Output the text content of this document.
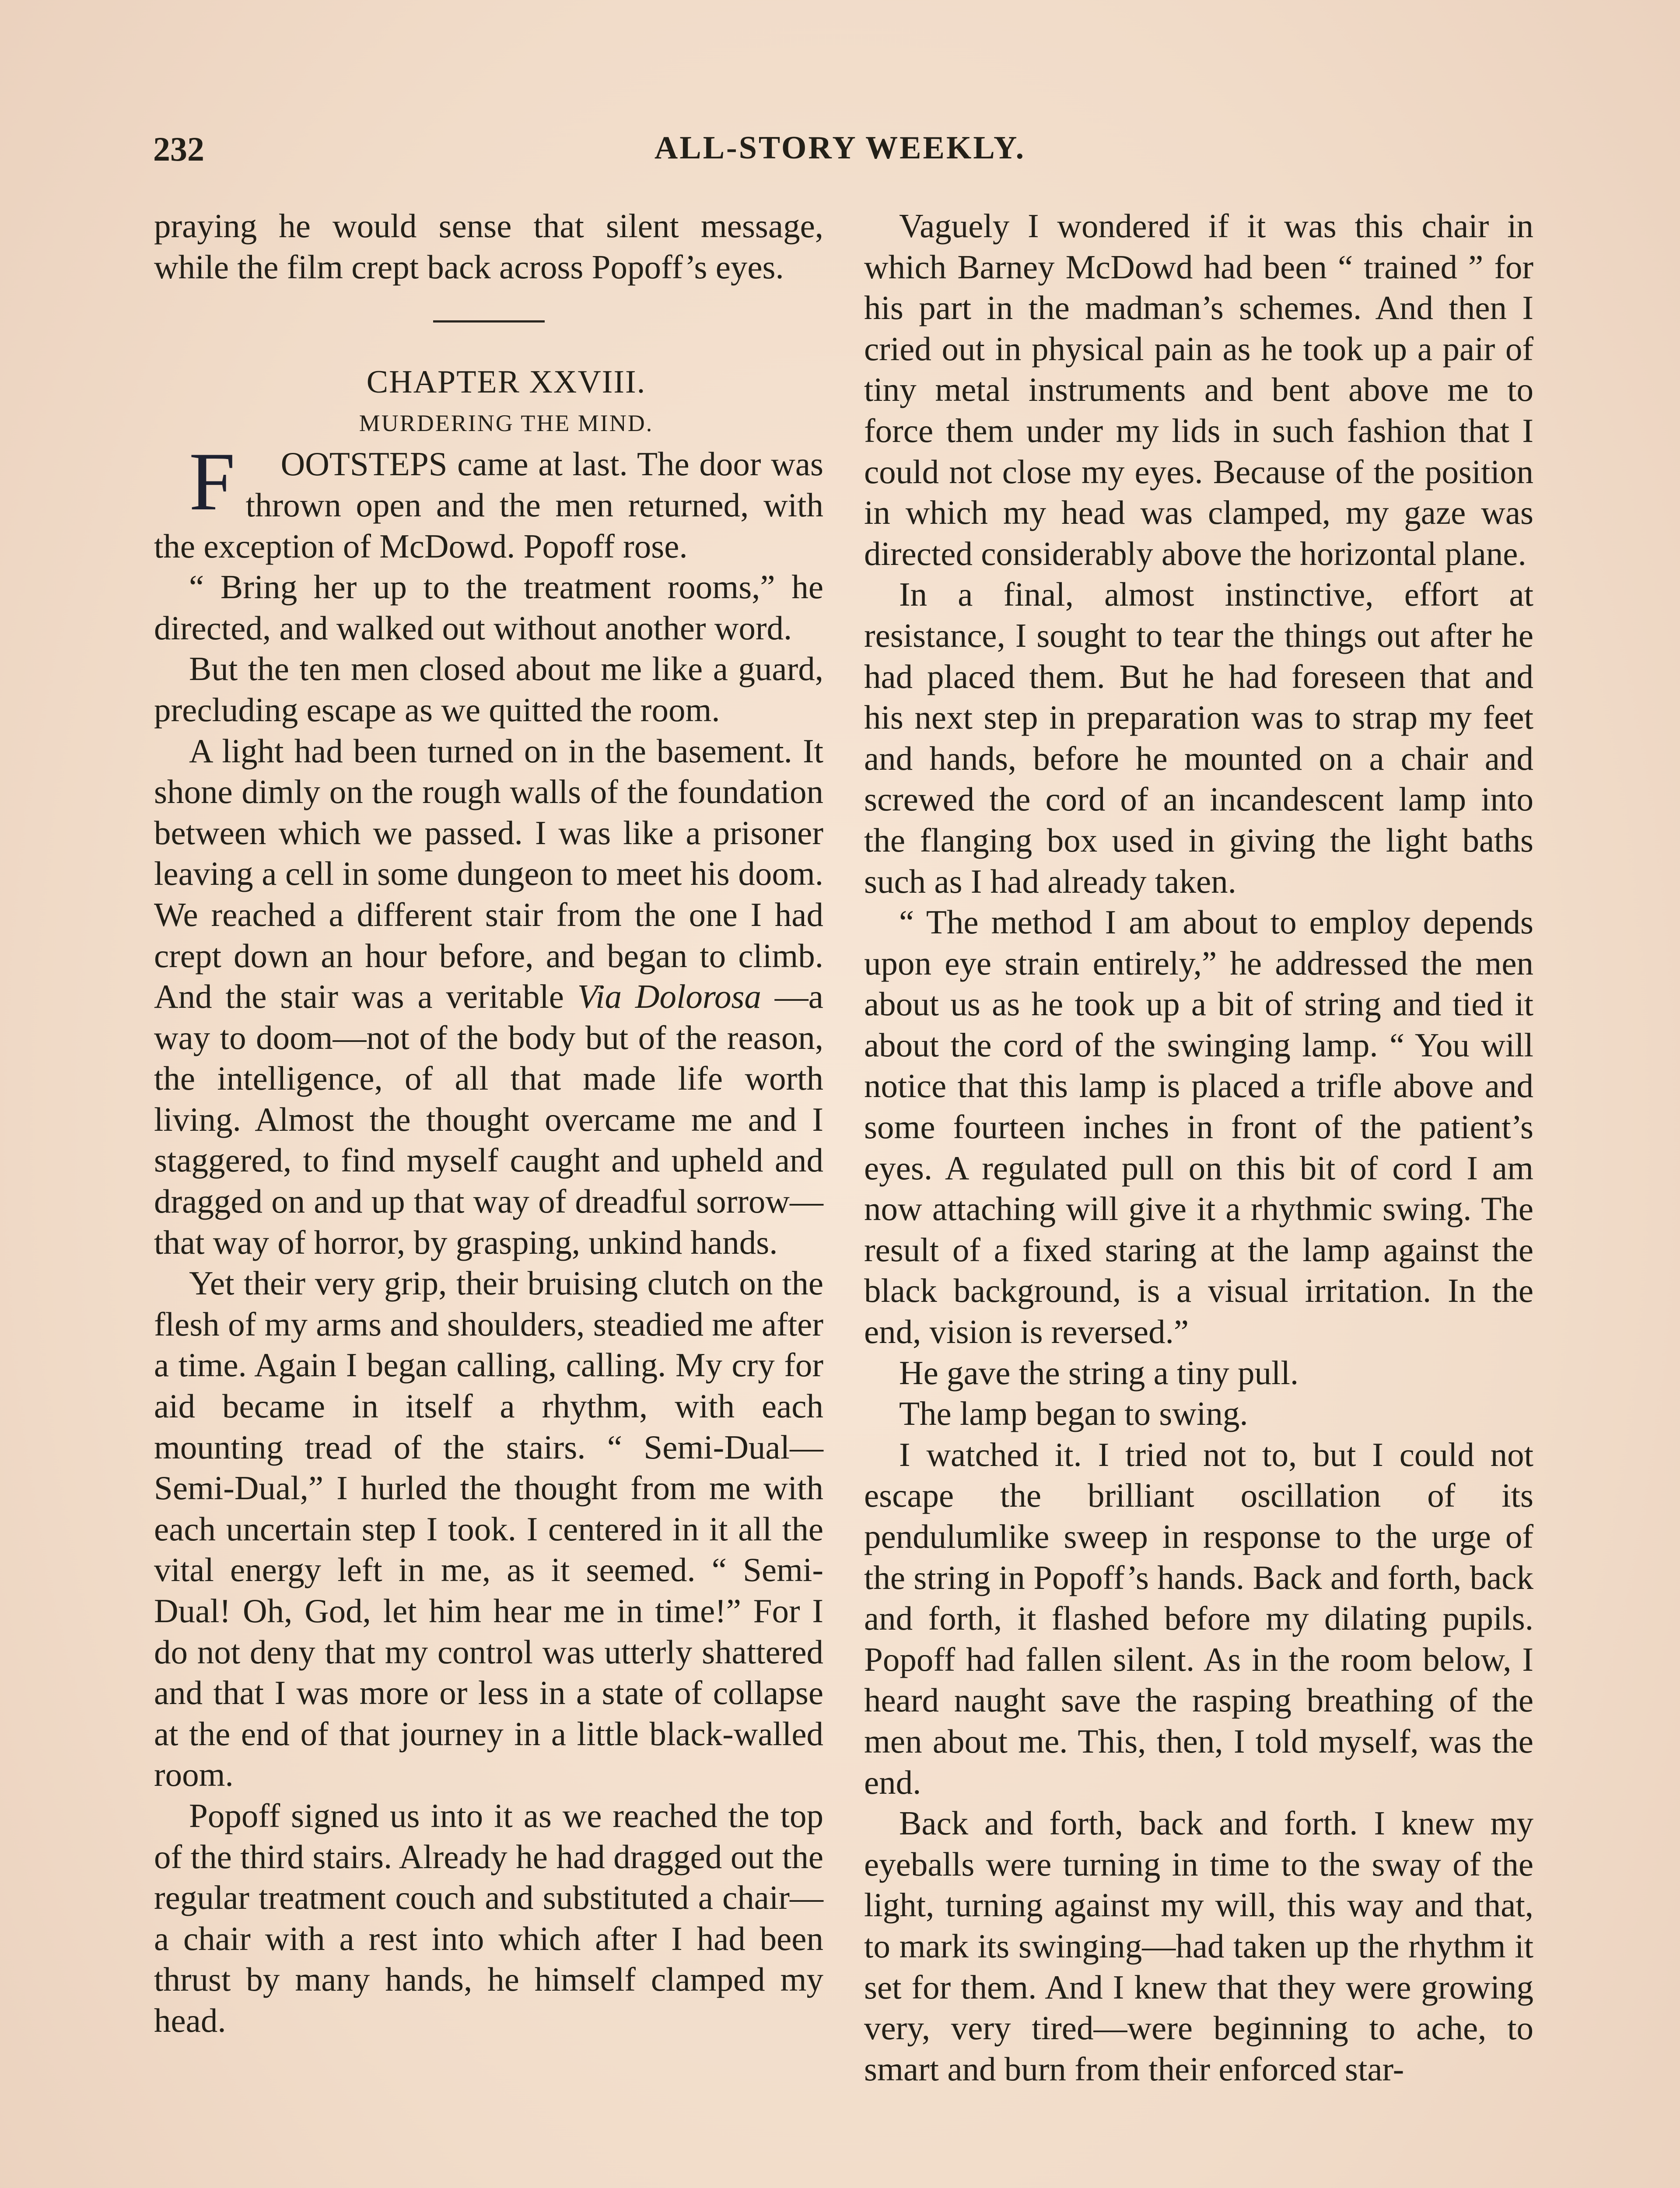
232	ALL-STORY WEEKLY.

praying he would sense that silent message, while the film crept back across Popoff’s eyes.

CHAPTER XXVIII.

MURDERING THE MIND.

F OOTSTEPS came at last. The door was thrown open and the men returned, with the exception of McDowd. Popoff rose.

“ Bring her up to the treatment rooms,” he directed, and walked out without another word.

But the ten men closed about me like a guard, precluding escape as we quitted the room.

A light had been turned on in the basement. It shone dimly on the rough walls of the foundation between which we passed. I was like a prisoner leaving a cell in some dungeon to meet his doom. We reached a different stair from the one I had crept down an hour before, and began to climb. And the stair was a veritable Via Dolorosa —a way to doom—not of the body but of the reason, the intelligence, of all that made life worth living. Almost the thought overcame me and I staggered, to find myself caught and upheld and dragged on and up that way of dreadful sorrow—that way of horror, by grasping, unkind hands.

Yet their very grip, their bruising clutch on the flesh of my arms and shoulders, steadied me after a time. Again I began calling, calling. My cry for aid became in itself a rhythm, with each mounting tread of the stairs. “ Semi-Dual—Semi-Dual,” I hurled the thought from me with each uncertain step I took. I centered in it all the vital energy left in me, as it seemed. “ Semi-Dual! Oh, God, let him hear me in time!” For I do not deny that my control was utterly shattered and that I was more or less in a state of collapse at the end of that journey in a little black-walled room.

Popoff signed us into it as we reached the top of the third stairs. Already he had dragged out the regular treatment couch and substituted a chair—a chair with a rest into which after I had been thrust by many hands, he himself clamped my head.

Vaguely I wondered if it was this chair in which Barney McDowd had been “ trained ” for his part in the madman’s schemes. And then I cried out in physical pain as he took up a pair of tiny metal instruments and bent above me to force them under my lids in such fashion that I could not close my eyes. Because of the position in which my head was clamped, my gaze was directed considerably above the horizontal plane.

In a final, almost instinctive, effort at resistance, I sought to tear the things out after he had placed them. But he had foreseen that and his next step in preparation was to strap my feet and hands, before he mounted on a chair and screwed the cord of an incandescent lamp into the flanging box used in giving the light baths such as I had already taken.

“ The method I am about to employ depends upon eye strain entirely,” he addressed the men about us as he took up a bit of string and tied it about the cord of the swinging lamp. “ You will notice that this lamp is placed a trifle above and some fourteen inches in front of the patient’s eyes. A regulated pull on this bit of cord I am now attaching will give it a rhythmic swing. The result of a fixed staring at the lamp against the black background, is a visual irritation. In the end, vision is reversed.”

He gave the string a tiny pull.

The lamp began to swing.

I watched it. I tried not to, but I could not escape the brilliant oscillation of its pendulumlike sweep in response to the urge of the string in Popoff’s hands. Back and forth, back and forth, it flashed before my dilating pupils. Popoff had fallen silent. As in the room below, I heard naught save the rasping breathing of the men about me. This, then, I told myself, was the end.

Back and forth, back and forth. I knew my eyeballs were turning in time to the sway of the light, turning against my will, this way and that, to mark its swinging—had taken up the rhythm it set for them. And I knew that they were growing very, very tired—were beginning to ache, to smart and burn from their enforced star-
